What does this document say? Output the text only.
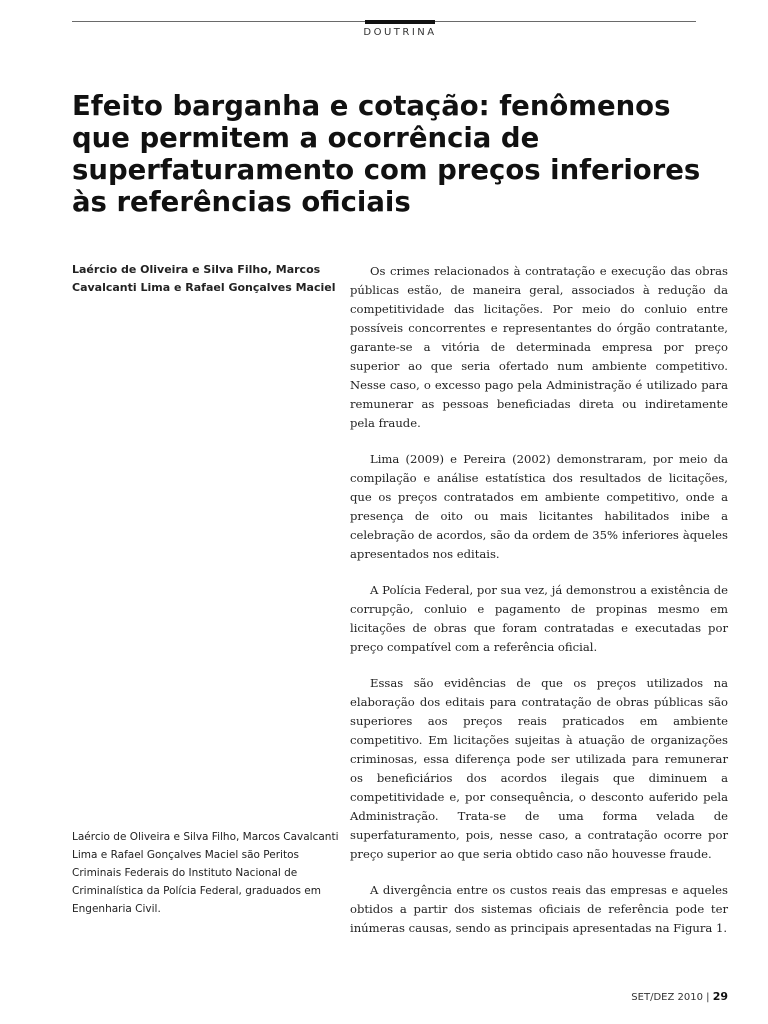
DOUTRINA
Efeito barganha e cotação: fenômenos que permitem a ocorrência de superfaturamento com preços inferiores às referências oficiais

Laércio de Oliveira e Silva Filho, Marcos Cavalcanti Lima e Rafael Gonçalves Maciel

Os crimes relacionados à contratação e execução das obras públicas estão, de maneira geral, associados à redução da competitividade das licitações. Por meio do conluio entre possíveis concorrentes e representantes do órgão contratante, garante-se a vitória de determinada empresa por preço superior ao que seria ofertado num ambiente competitivo. Nesse caso, o excesso pago pela Administração é utilizado para remunerar as pessoas beneficiadas direta ou indiretamente pela fraude.

Lima (2009) e Pereira (2002) demonstraram, por meio da compilação e análise estatística dos resultados de licitações, que os preços contratados em ambiente competitivo, onde a presença de oito ou mais licitantes habilitados inibe a celebração de acordos, são da ordem de 35% inferiores àqueles apresentados nos editais.

A Polícia Federal, por sua vez, já demonstrou a existência de corrupção, conluio e pagamento de propinas mesmo em licitações de obras que foram contratadas e executadas por preço compatível com a referência oficial.

Essas são evidências de que os preços utilizados na elaboração dos editais para contratação de obras públicas são superiores aos preços reais praticados em ambiente competitivo. Em licitações sujeitas à atuação de organizações criminosas, essa diferença pode ser utilizada para remunerar os beneficiários dos acordos ilegais que diminuem a competitividade e, por consequência, o desconto auferido pela Administração. Trata-se de uma forma velada de superfaturamento, pois, nesse caso, a contratação ocorre por preço superior ao que seria obtido caso não houvesse fraude.

A divergência entre os custos reais das empresas e aqueles obtidos a partir dos sistemas oficiais de referência pode ter inúmeras causas, sendo as principais apresentadas na Figura 1.

Laércio de Oliveira e Silva Filho, Marcos Cavalcanti Lima e Rafael Gonçalves Maciel são Peritos Criminais Federais do Instituto Nacional de Criminalística da Polícia Federal, graduados em Engenharia Civil.

SET/DEZ 2010 | 29
